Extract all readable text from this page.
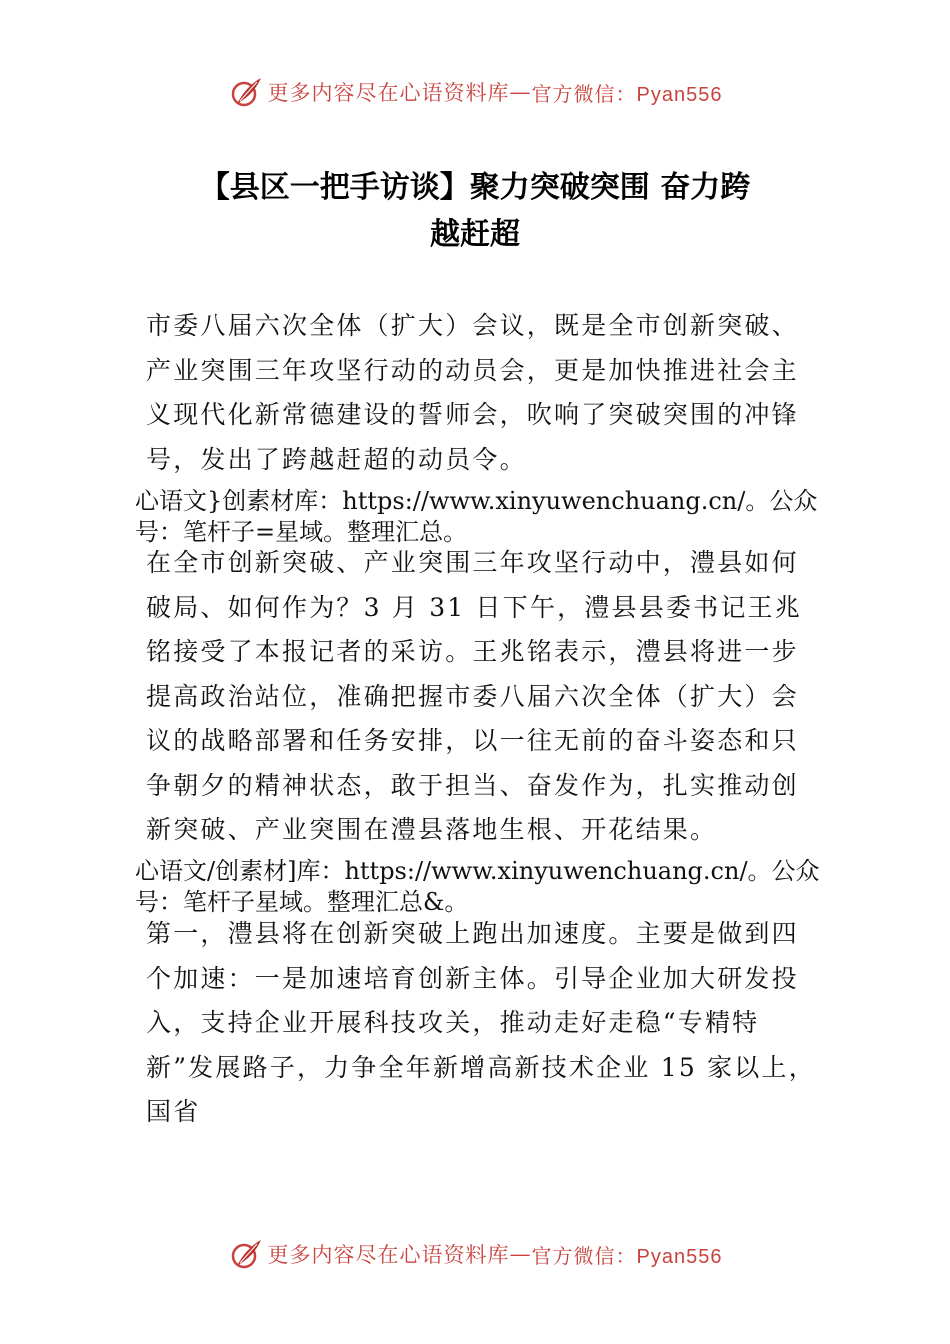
更多内容尽在心语资料库 — 官方微信：Pyan556
【县区一把手访谈】聚力突破突围 奋力跨
越赶超

市委八届六次全体（扩大）会议，既是全市创新突破、产业突围三年攻坚行动的动员会，更是加快推进社会主义现代化新常德建设的誓师会，吹响了突破突围的冲锋号，发出了跨越赶超的动员令。

心语文}创素材库：https://www.xinyuwenchuang.cn/。公众号：笔杆子=星域。整理汇总。

在全市创新突破、产业突围三年攻坚行动中，澧县如何破局、如何作为？3 月 31 日下午，澧县县委书记王兆铭接受了本报记者的采访。王兆铭表示，澧县将进一步提高政治站位，准确把握市委八届六次全体（扩大）会议的战略部署和任务安排，以一往无前的奋斗姿态和只争朝夕的精神状态，敢于担当、奋发作为，扎实推动创新突破、产业突围在澧县落地生根、开花结果。

心语文/创素材]库：https://www.xinyuwenchuang.cn/。公众号：笔杆子星域。整理汇总&。

第一，澧县将在创新突破上跑出加速度。主要是做到四个加速：一是加速培育创新主体。引导企业加大研发投入，支持企业开展科技攻关，推动走好走稳“专精特新”发展路子，力争全年新增高新技术企业 15 家以上，国省

更多内容尽在心语资料库 — 官方微信：Pyan556
